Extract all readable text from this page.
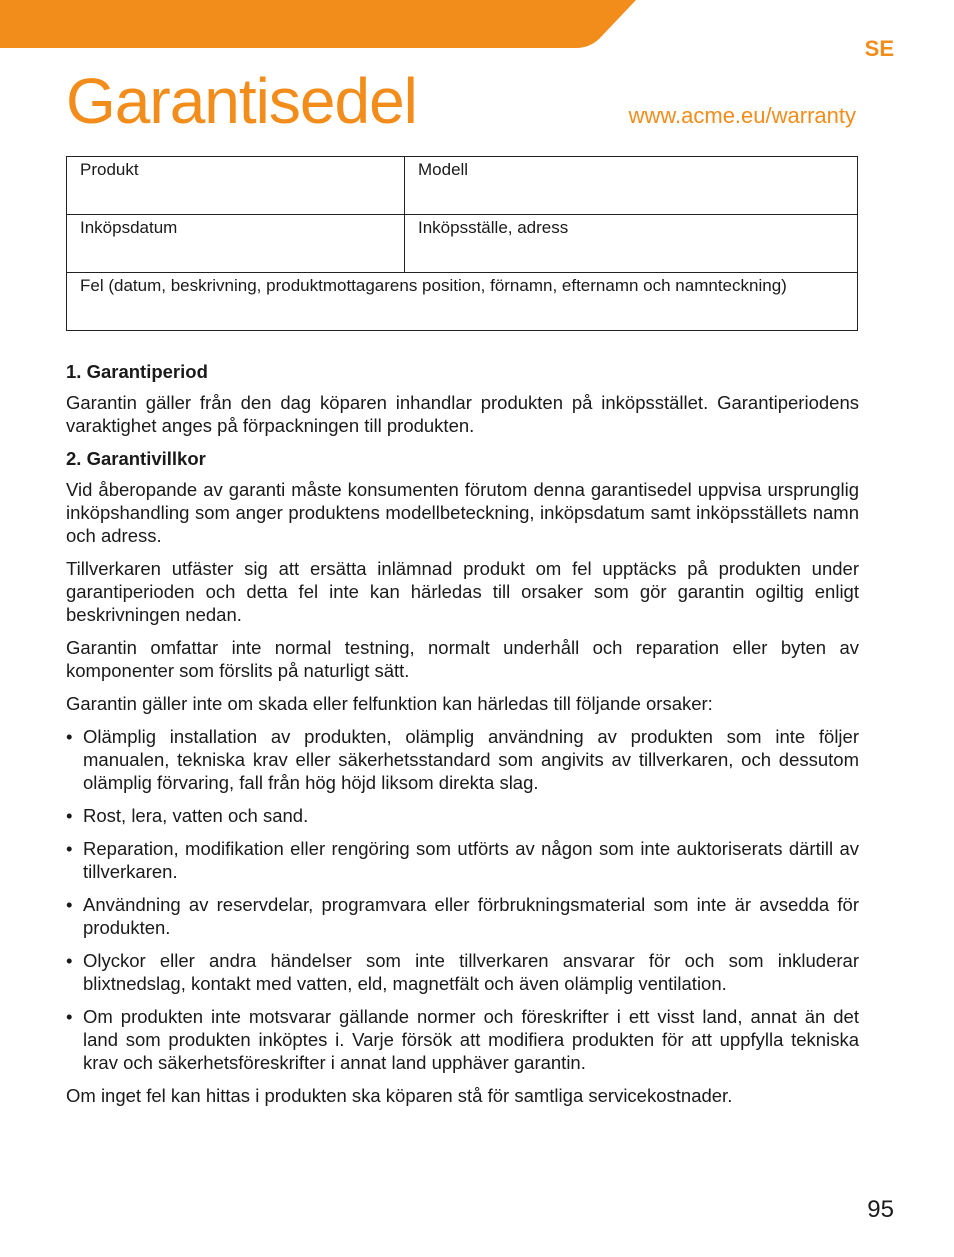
SE
Garantisedel	www.acme.eu/warranty
Produkt	Modell
Inköpsdatum	Inköpsställe, adress
Fel (datum, beskrivning, produktmottagarens position, förnamn, efternamn och namnteckning)	
1. Garantiperiod

Garantin gäller från den dag köparen inhandlar produkten på inköpsstället. Garantiperiodens varaktighet anges på förpackningen till produkten.

2. Garantivillkor

Vid åberopande av garanti måste konsumenten förutom denna garantisedel uppvisa ursprunglig inköpshandling som anger produktens modellbeteckning, inköpsdatum samt inköpsställets namn och adress.

Tillverkaren utfäster sig att ersätta inlämnad produkt om fel upptäcks på produkten under garantiperioden och detta fel inte kan härledas till orsaker som gör garantin ogiltig enligt beskrivningen nedan.

Garantin omfattar inte normal testning, normalt underhåll och reparation eller byten av komponenter som förslits på naturligt sätt.

Garantin gäller inte om skada eller felfunktion kan härledas till följande orsaker:

• Olämplig installation av produkten, olämplig användning av produkten som inte följer manualen, tekniska krav eller säkerhetsstandard som angivits av tillverkaren, och dessutom olämplig förvaring, fall från hög höjd liksom direkta slag.
• Rost, lera, vatten och sand.
• Reparation, modifikation eller rengöring som utförts av någon som inte auktoriserats därtill av tillverkaren.
• Användning av reservdelar, programvara eller förbrukningsmaterial som inte är avsedda för produkten.
• Olyckor eller andra händelser som inte tillverkaren ansvarar för och som inkluderar blixtnedslag, kontakt med vatten, eld, magnetfält och även olämplig ventilation.
• Om produkten inte motsvarar gällande normer och föreskrifter i ett visst land, annat än det land som produkten inköptes i. Varje försök att modifiera produkten för att uppfylla tekniska krav och säkerhetsföreskrifter i annat land upphäver garantin.

Om inget fel kan hittas i produkten ska köparen stå för samtliga servicekostnader.

95
